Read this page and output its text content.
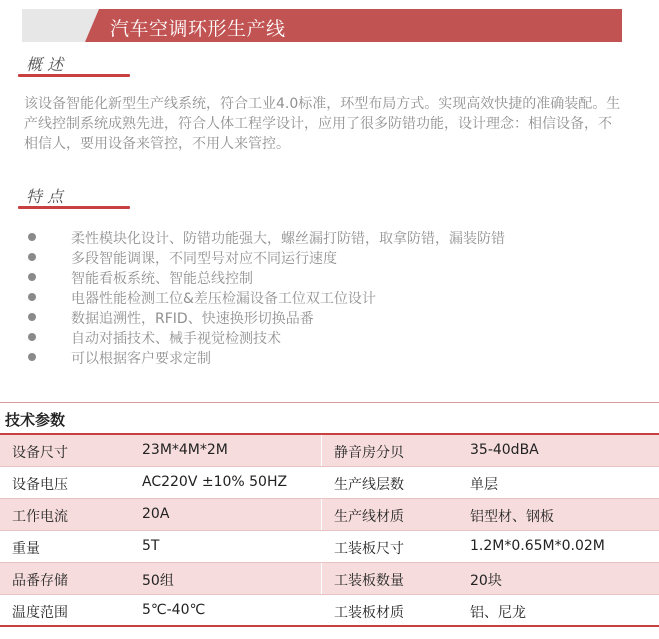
汽车空调环形生产线
概 述
该设备智能化新型生产线系统，符合工业4.0标准，环型布局方式。实现高效快捷的准确装配。生产线控制系统成熟先进，符合人体工程学设计，应用了很多防错功能，设计理念：相信设备，不相信人，要用设备来管控，不用人来管控。
特 点
柔性模块化设计、防错功能强大，螺丝漏打防错，取拿防错，漏装防错
多段智能调课，不同型号对应不同运行速度
智能看板系统、智能总线控制
电器性能检测工位&差压检漏设备工位双工位设计
数据追溯性，RFID、快速换形切换品番
自动对插技术、械手视觉检测技术
可以根据客户要求定制
技术参数
设备尺寸	23M*4M*2M	静音房分贝	35-40dBA
设备电压	AC220V ±10% 50HZ	生产线层数	单层
工作电流	20A	生产线材质	铝型材、钢板
重量	5T	工装板尺寸	1.2M*0.65M*0.02M
品番存储	50组	工装板数量	20块
温度范围	5℃-40℃	工装板材质	铝、尼龙
